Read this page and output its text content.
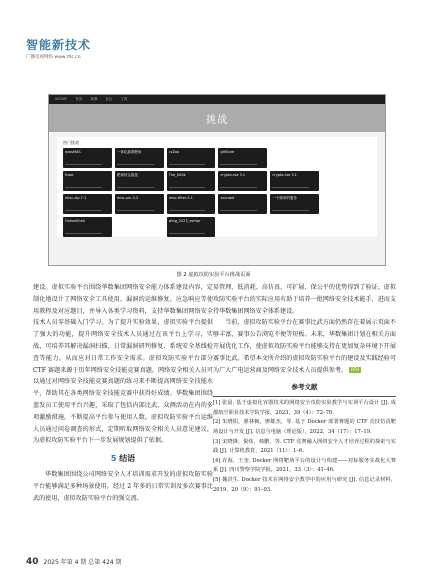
智能新技术
广播电视网络 www.rtlc.cn
2024年 首页 赛事 社区 工具
挑战
热门挑战
ezosMAS	一体化漏洞靶场	ccZoo	gitStore
fuser	靶场综合挑战	The_h00k	crypto-rsa 3.1	crypto-rsa 3.1
misc-zip-7.1	misc-pic-3.2	misc-filter-3.1	zzvroad	一个简单的服务
OnlineShell	wing_2023_xshtpr
图 2 虚拟攻防实验平台挑战页面

建设。虚拟实验平台围绕华数集团网络安全能力体系建设内容，定制化地设计了网络安全工具使用、漏洞的运维修复、应急响应等使用教程及对应题目，并导入各类学习资料，支持华数集团网络安全技术人员零基础入门学习。为了提升实验效果，虚拟实验平台提供了强大的功能，提升网络安全技术人员通过在该平台上学习，实战，可培养其解决漏洞扫描、日常漏洞研判修复、系统安全基线检查等能力。从而应对日常工作安全需求。虚拟攻防实验平台部分 CTF 赛题来源于历年网络安全技能竞赛真题，网络安全相关人员可以通过对网络安全技能竞赛真题的练习来不断提高网络安全技能水平，帮助其在各类网络安全技能竞赛中获得好成绩。华数集团围绕蓝发员工使用平台兴趣，采取了包括内部比武、众测活动在内的多项激励措施，不断提高平台参与使用人数。虚拟攻防实验平台运维人员通过问卷调查的形式，定期听取网络安全相关人员意见建议，为虚拟攻防实验平台下一步发展规划提供了依据。

5 结语

华数集团围绕公司网络安全人才培训需求开发的虚拟攻防实验平台能够满足多种场景使用。经过 2 年多的日常实训及多次赛事比武的使用，虚拟攻防实验平台的强交流、

易管理、低消耗、高仿真、可扩展、保公平的优势得到了验证。虚拟攻防实验平台的实际应用有助于培养一批网络安全技术能手，进而支持华数集团网络安全体系建设。

当前，虚拟攻防实验平台在赛事比武方面仍然存在着展示页面不够丰富，赛事公告浏览不便等短板。未来，华数集团计划在相关方面开展优化工作，使虚拟攻防实验平台能够支持在更加复杂环境下开展赛事比武。希望本文所介绍的虚拟攻防实验平台的建设及实践经验可为广大广电运营商及网络安全技术人员提供参考。 BTH

参考文献

[1] 张晨. 基于虚拟化容器技术的网络安全攻防实验教学与实训平台设计 [J]. 成都航空职业技术学院学报，2023，39（4）：72–76.

[2] 朱晓阳，鼎林枫，廖雄杰，等. 基于 Docker 部署赛题的 CTF 竞技仿真靶场设计与开发 [J]. 信息与电脑（理论版），2022，34（17）：17–19.

[3] 宋晓锋，倪炜，韩鹏，等. CTF 竞赛融入网络安全人才培养过程的探索与实践 [J]. 计算机教育，2021（11）：1–6.

[4] 许海，王奎. Docker 网络靶场平台的设计与构建——对标服务实战化大赛系 [J]. 四川警察学院学报，2021，33（3）：41–46.

[5] 魏洪生. Docker 技术在网络安全教学中的应用与研究 [J]. 信息记录材料，2019，20（9）：91–93.

40 2025 年第 4 期 总第 424 期
